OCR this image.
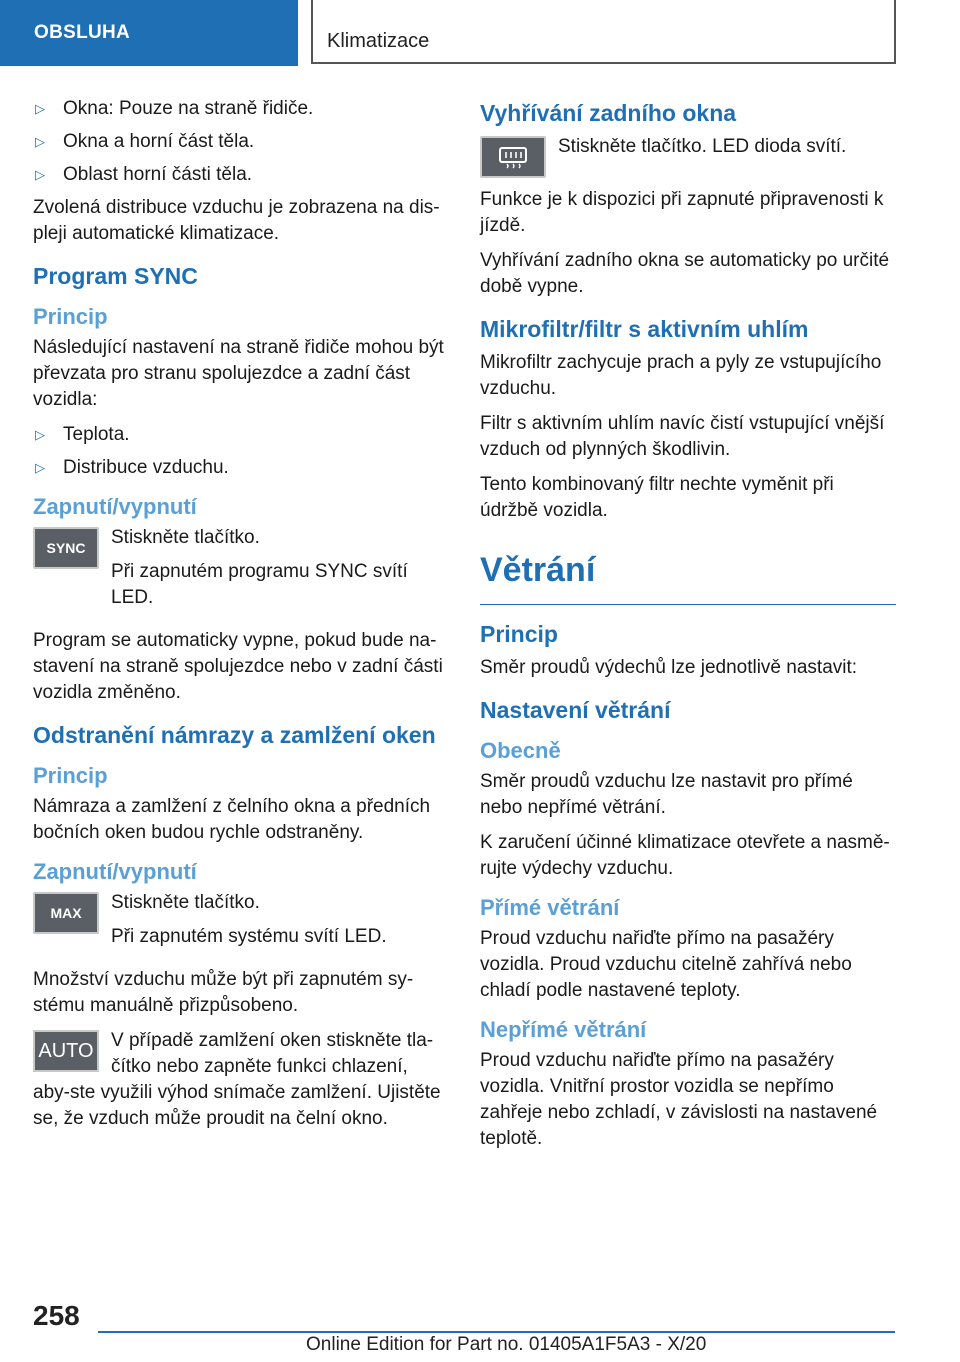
OBSLUHA	Klimatizace
▷ Okna: Pouze na straně řidiče.
▷ Okna a horní část těla.
▷ Oblast horní části těla.

Zvolená distribuce vzduchu je zobrazena na dis-pleji automatické klimatizace.

Program SYNC
Princip

Následující nastavení na straně řidiče mohou být převzata pro stranu spolujezdce a zadní část vozidla:

▷ Teplota.
▷ Distribuce vzduchu.
Zapnutí/vypnutí
SYNC	Stiskněte tlačítko.

Při zapnutém programu SYNC svítí LED.

Program se automaticky vypne, pokud bude na-stavení na straně spolujezdce nebo v zadní části vozidla změněno.

Odstranění námrazy a zamlžení oken
Princip

Námraza a zamlžení z čelního okna a předních bočních oken budou rychle odstraněny.

Zapnutí/vypnutí
MAX Stiskněte tlačítko.

Při zapnutém systému svítí LED.

Množství vzduchu může být při zapnutém sy-stému manuálně přizpůsobeno.

AUTO V případě zamlžení oken stiskněte tla-čítko nebo zapněte funkci chlazení, aby-ste využili výhod snímače zamlžení. Ujistěte se, že vzduch může proudit na čelní okno.

Vyhřívání zadního okna

Stiskněte tlačítko. LED dioda svítí.

Funkce je k dispozici při zapnuté připravenosti k jízdě.

Vyhřívání zadního okna se automaticky po určité době vypne.

Mikrofiltr/filtr s aktivním uhlím

Mikrofiltr zachycuje prach a pyly ze vstupujícího vzduchu.

Filtr s aktivním uhlím navíc čistí vstupující vnější vzduch od plynných škodlivin.

Tento kombinovaný filtr nechte vyměnit při údržbě vozidla.

Větrání
Princip

Směr proudů výdechů lze jednotlivě nastavit:

Nastavení větrání
Obecně

Směr proudů vzduchu lze nastavit pro přímé nebo nepřímé větrání.

K zaručení účinné klimatizace otevřete a nasmě-rujte výdechy vzduchu.

Přímé větrání

Proud vzduchu nařiďte přímo na pasažéry vozidla. Proud vzduchu citelně zahřívá nebo chladí podle nastavené teploty.

Nepřímé větrání

Proud vzduchu nařiďte přímo na pasažéry vozidla. Vnitřní prostor vozidla se nepřímo zahřeje nebo zchladí, v závislosti na nastavené teplotě.

258
Online Edition for Part no. 01405A1F5A3 - X/20
